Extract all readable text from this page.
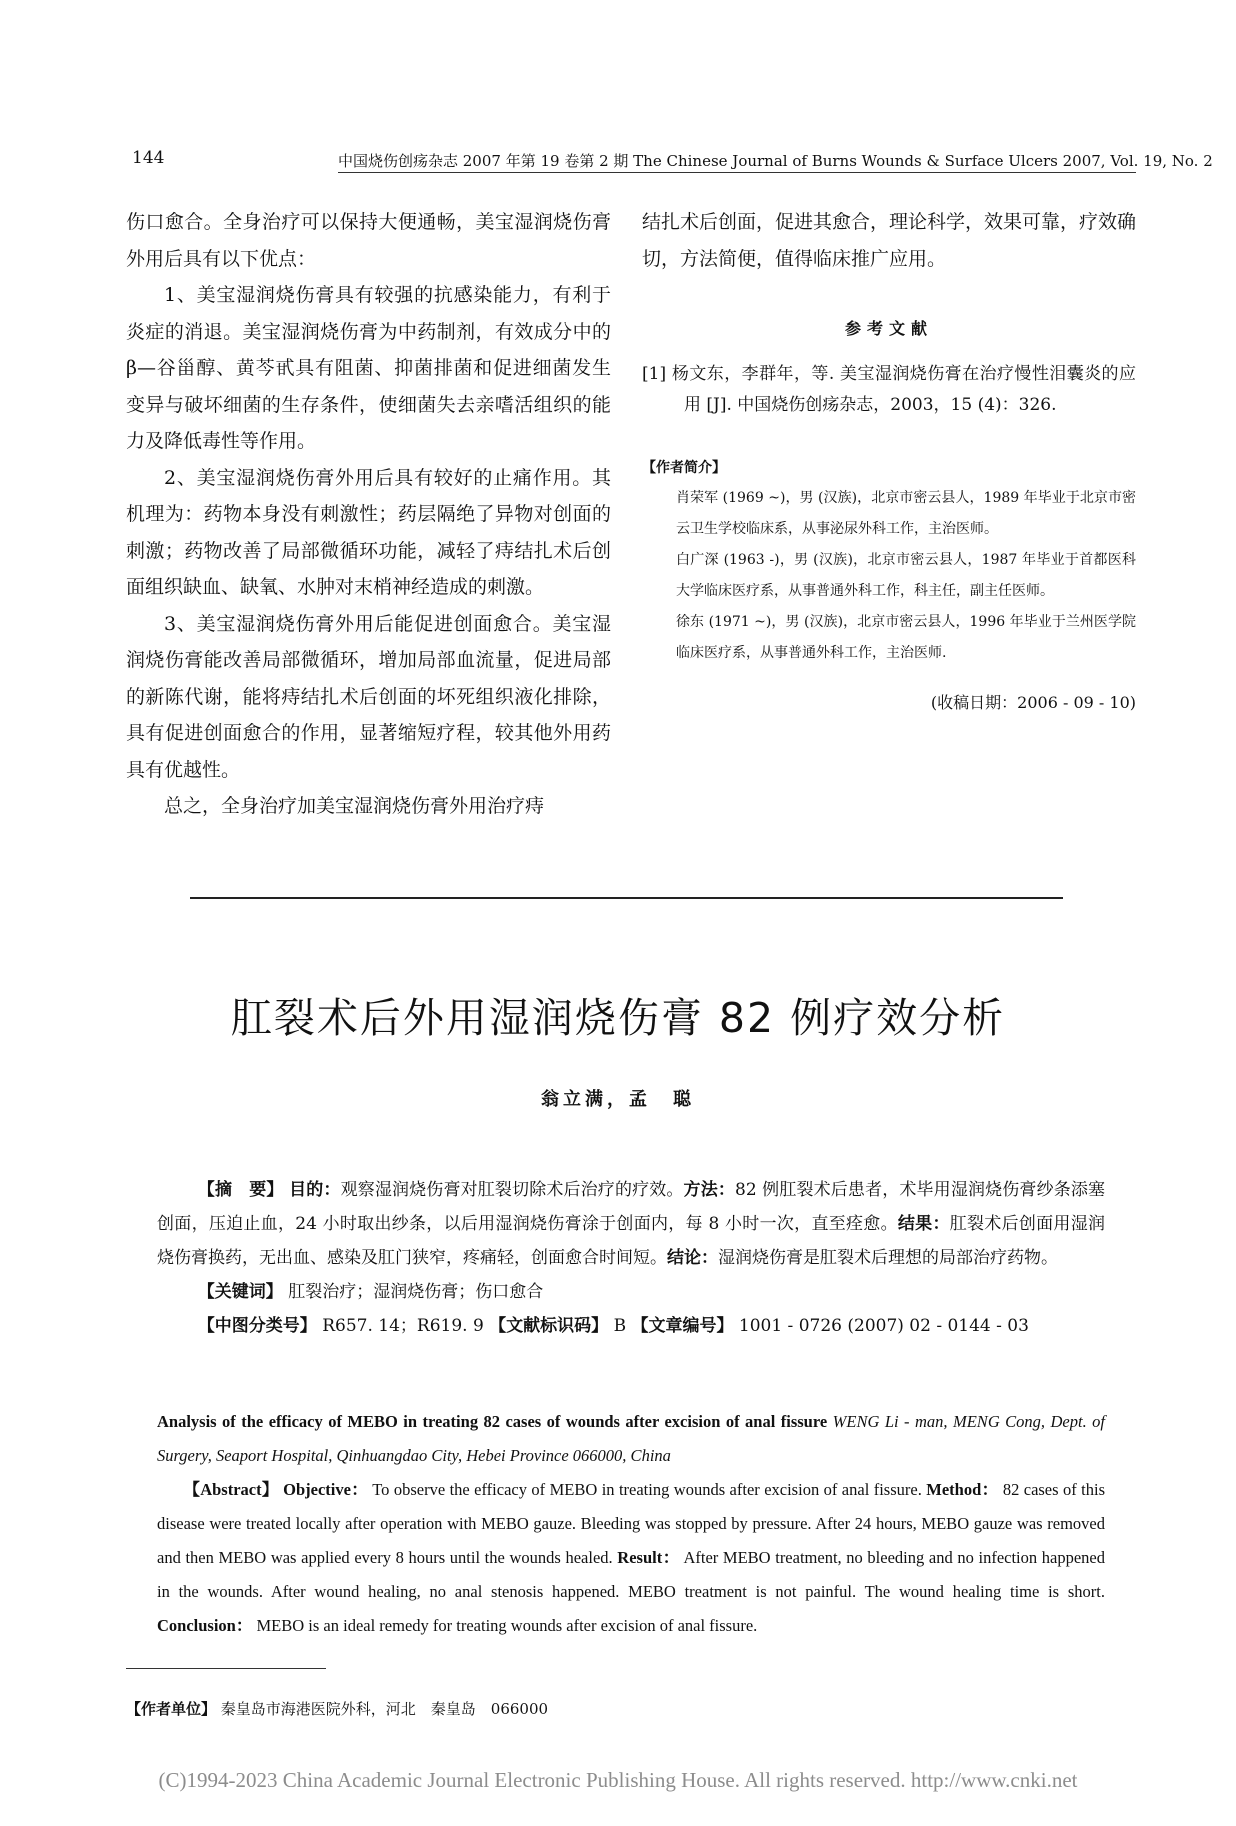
144	中国烧伤创疡杂志 2007 年第 19 卷第 2 期 The Chinese Journal of Burns Wounds & Surface Ulcers 2007, Vol. 19, No. 2

伤口愈合。全身治疗可以保持大便通畅，美宝湿润烧伤膏外用后具有以下优点：

1、美宝湿润烧伤膏具有较强的抗感染能力，有利于炎症的消退。美宝湿润烧伤膏为中药制剂，有效成分中的β—谷甾醇、黄芩甙具有阻菌、抑菌排菌和促进细菌发生变异与破坏细菌的生存条件，使细菌失去亲嗜活组织的能力及降低毒性等作用。

2、美宝湿润烧伤膏外用后具有较好的止痛作用。其机理为：药物本身没有刺激性；药层隔绝了异物对创面的刺激；药物改善了局部微循环功能，减轻了痔结扎术后创面组织缺血、缺氧、水肿对末梢神经造成的刺激。

3、美宝湿润烧伤膏外用后能促进创面愈合。美宝湿润烧伤膏能改善局部微循环，增加局部血流量，促进局部的新陈代谢，能将痔结扎术后创面的坏死组织液化排除，具有促进创面愈合的作用，显著缩短疗程，较其他外用药具有优越性。

总之，全身治疗加美宝湿润烧伤膏外用治疗痔

结扎术后创面，促进其愈合，理论科学，效果可靠，疗效确切，方法简便，值得临床推广应用。

参考文献

[1] 杨文东，李群年，等. 美宝湿润烧伤膏在治疗慢性泪囊炎的应用 [J]. 中国烧伤创疡杂志，2003，15 (4)：326.

【作者简介】

肖荣军 (1969 ~)，男 (汉族)，北京市密云县人，1989 年毕业于北京市密云卫生学校临床系，从事泌尿外科工作，主治医师。

白广深 (1963 -)，男 (汉族)，北京市密云县人，1987 年毕业于首都医科大学临床医疗系，从事普通外科工作，科主任，副主任医师。

徐东 (1971 ~)，男 (汉族)，北京市密云县人，1996 年毕业于兰州医学院临床医疗系，从事普通外科工作，主治医师.

(收稿日期：2006 - 09 - 10)
肛裂术后外用湿润烧伤膏 82 例疗效分析
翁立满，孟　聪

【摘　要】 目的：观察湿润烧伤膏对肛裂切除术后治疗的疗效。方法：82 例肛裂术后患者，术毕用湿润烧伤膏纱条添塞创面，压迫止血，24 小时取出纱条，以后用湿润烧伤膏涂于创面内，每 8 小时一次，直至痊愈。结果：肛裂术后创面用湿润烧伤膏换药，无出血、感染及肛门狭窄，疼痛轻，创面愈合时间短。结论：湿润烧伤膏是肛裂术后理想的局部治疗药物。

【关键词】 肛裂治疗；湿润烧伤膏；伤口愈合

【中图分类号】 R657. 14；R619. 9 【文献标识码】 B 【文章编号】 1001 - 0726 (2007) 02 - 0144 - 03

Analysis of the efficacy of MEBO in treating 82 cases of wounds after excision of anal fissure WENG Li - man, MENG Cong, Dept. of Surgery, Seaport Hospital, Qinhuangdao City, Hebei Province 066000, China

【Abstract】 Objective： To observe the efficacy of MEBO in treating wounds after excision of anal fissure. Method： 82 cases of this disease were treated locally after operation with MEBO gauze. Bleeding was stopped by pressure. After 24 hours, MEBO gauze was removed and then MEBO was applied every 8 hours until the wounds healed. Result： After MEBO treatment, no bleeding and no infection happened in the wounds. After wound healing, no anal stenosis happened. MEBO treatment is not painful. The wound healing time is short. Conclusion： MEBO is an ideal remedy for treating wounds after excision of anal fissure.

【作者单位】 秦皇岛市海港医院外科，河北　秦皇岛　066000
(C)1994-2023 China Academic Journal Electronic Publishing House. All rights reserved. http://www.cnki.net
